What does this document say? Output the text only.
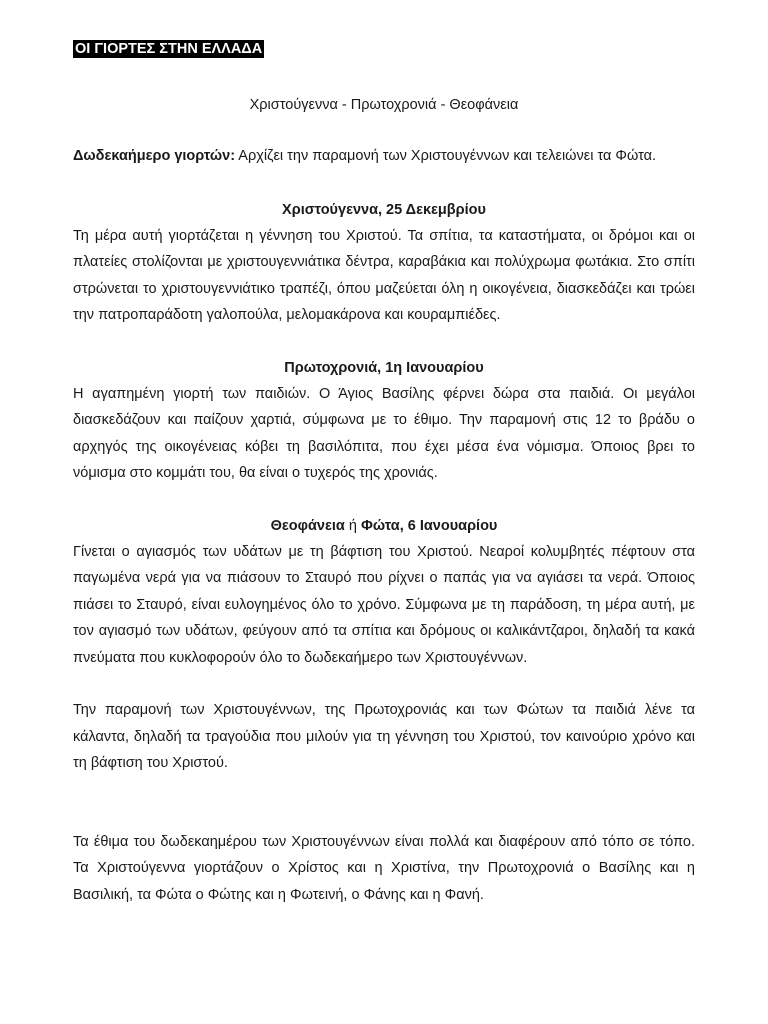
ΟΙ ΓΙΟΡΤΕΣ ΣΤΗΝ ΕΛΛΑΔΑ
Χριστούγεννα - Πρωτοχρονιά - Θεοφάνεια

Δωδεκαήμερο γιορτών: Αρχίζει την παραμονή των Χριστουγέννων και τελειώνει τα Φώτα.

Χριστούγεννα, 25 Δεκεμβρίου

Τη μέρα αυτή γιορτάζεται η γέννηση του Χριστού. Τα σπίτια, τα καταστήματα, οι δρόμοι και οι πλατείες στολίζονται με χριστουγεννιάτικα δέντρα, καραβάκια και πολύχρωμα φωτάκια. Στο σπίτι στρώνεται το χριστουγεννιάτικο τραπέζι, όπου μαζεύεται όλη η οικογένεια, διασκεδάζει και τρώει την πατροπαράδοτη γαλοπούλα, μελομακάρονα και κουραμπιέδες.

Πρωτοχρονιά, 1η Ιανουαρίου

Η αγαπημένη γιορτή των παιδιών. Ο Άγιος Βασίλης φέρνει δώρα στα παιδιά. Οι μεγάλοι διασκεδάζουν και παίζουν χαρτιά, σύμφωνα με το έθιμο. Την παραμονή στις 12 το βράδυ ο αρχηγός της οικογένειας κόβει τη βασιλόπιτα, που έχει μέσα ένα νόμισμα. Όποιος βρει το νόμισμα στο κομμάτι του, θα είναι ο τυχερός της χρονιάς.

Θεοφάνεια ή Φώτα, 6 Ιανουαρίου

Γίνεται ο αγιασμός των υδάτων με τη βάφτιση του Χριστού. Νεαροί κολυμβητές πέφτουν στα παγωμένα νερά για να πιάσουν το Σταυρό που ρίχνει ο παπάς για να αγιάσει τα νερά. Όποιος πιάσει το Σταυρό, είναι ευλογημένος όλο το χρόνο. Σύμφωνα με τη παράδοση, τη μέρα αυτή, με τον αγιασμό των υδάτων, φεύγουν από τα σπίτια και δρόμους οι καλικάντζαροι, δηλαδή τα κακά πνεύματα που κυκλοφορούν όλο το δωδεκαήμερο των Χριστουγέννων.

Την παραμονή των Χριστουγέννων, της Πρωτοχρονιάς και των Φώτων τα παιδιά λένε τα κάλαντα, δηλαδή τα τραγούδια που μιλούν για τη γέννηση του Χριστού, τον καινούριο χρόνο και τη βάφτιση του Χριστού.

Τα έθιμα του δωδεκαημέρου των Χριστουγέννων είναι πολλά και διαφέρουν από τόπο σε τόπο. Τα Χριστούγεννα γιορτάζουν ο Χρίστος και η Χριστίνα, την Πρωτοχρονιά ο Βασίλης και η Βασιλική, τα Φώτα ο Φώτης και η Φωτεινή, ο Φάνης και η Φανή.
